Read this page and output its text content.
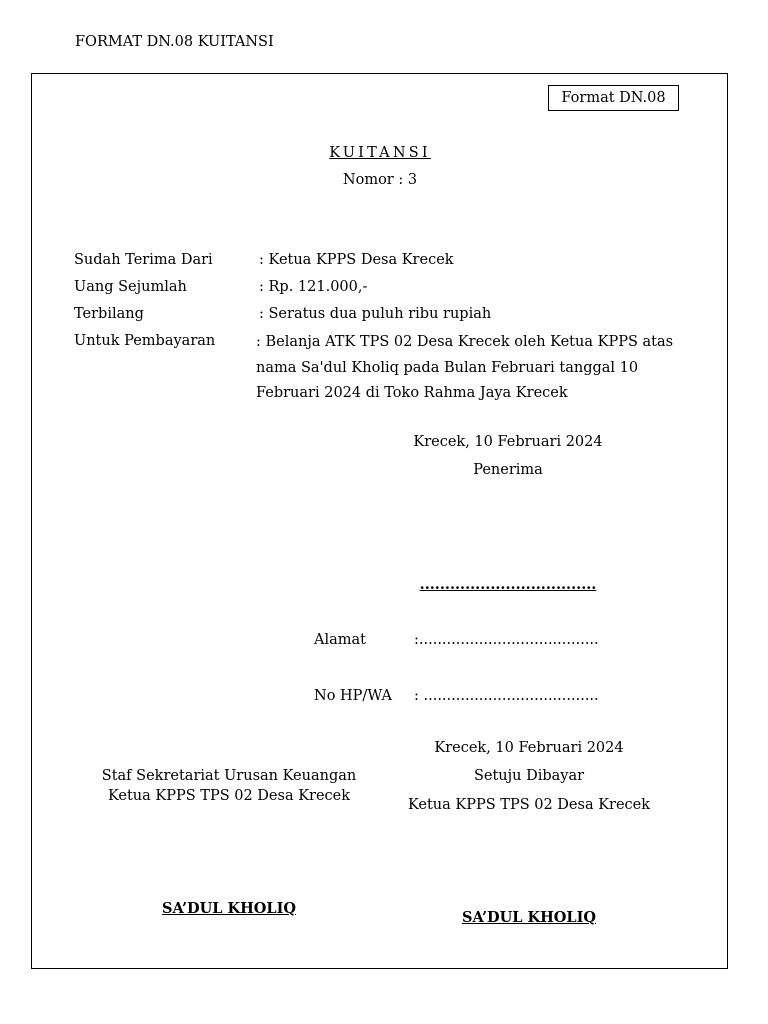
FORMAT DN.08 KUITANSI
Format DN.08
KUITANSI
Nomor : 3
Sudah Terima Dari	: Ketua KPPS Desa Krecek
Uang Sejumlah	: Rp. 121.000,-
Terbilang	: Seratus dua puluh ribu rupiah
Untuk Pembayaran	: Belanja ATK TPS 02 Desa Krecek oleh Ketua KPPS atas nama Sa'dul Kholiq pada Bulan Februari tanggal 10 Februari 2024 di Toko Rahma Jaya Krecek
Krecek, 10 Februari 2024
Penerima
...................................
Alamat	:.......................................
No HP/WA : ......................................
Krecek, 10 Februari 2024
Setuju Dibayar
Ketua KPPS TPS 02 Desa Krecek
Staf Sekretariat Urusan Keuangan
Ketua KPPS TPS 02 Desa Krecek
SA’DUL KHOLIQ
SA’DUL KHOLIQ
